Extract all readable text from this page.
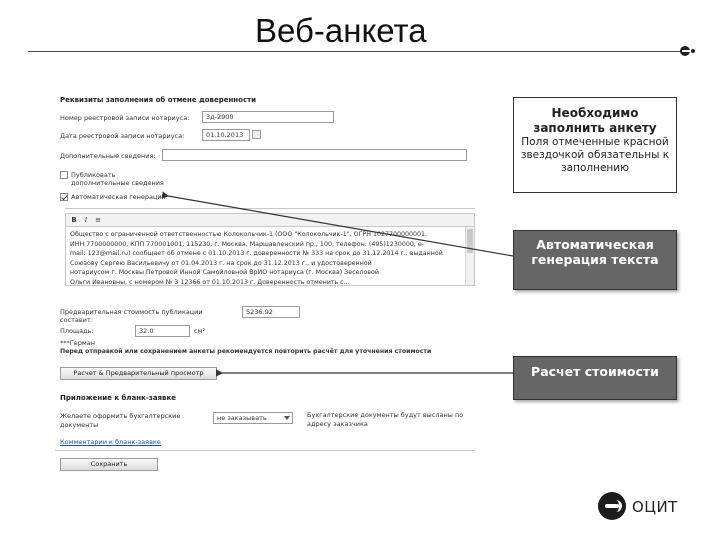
Веб-анкета
Реквизиты заполнения об отмене доверенности
Номер реестровой записи нотариуса:	3д-2900
Дата реестровой записи нотариуса:	01.10.2013
Дополнительные сведения:
Публиковать дополнительные сведения
Автоматическая генерация
B	I	≡
Общество с ограниченной ответственностью Колокольчик-1 (ООО "Колокольчик-1", ОГРН 1027700000001,
ИНН 7700000000, КПП 770001001, 115230, г. Москва, Маршавленский пр., 100, телефон: (495)1230000, e-
mail: 123@mail.ru) сообщает об отмене с 01.10.2013 г. доверенности № 333 на срок до 31.12.2014 г., выданной
Союзову Сергею Васильевичу от 01.04.2013 г. на срок до 31.12.2013 г., и удостоверенной
нотариусом г. Москвы Петровой Инной Самойловной ВрИО нотариуса (г. Москва) Зеселовой
Ольги Ивановны, с номером № 3 12366 от 01.10.2013 г. Доверенность отменить с...
Предварительная стоимость публикации составит:
5236.92
Площадь:	32.0	см²
***Герман
Перед отправкой или сохранением анкеты рекомендуется повторить расчёт для уточнения стоимости
Расчет & Предварительный просмотр
Приложение к бланк-заявке
Желаете оформить бухгалтерские документы
не заказывать	Бухгалтерские документы будут высланы по адресу заказчика
Комментарии к бланк-заявке
Сохранить
Необходимо заполнить анкету
Поля отмеченные красной звездочкой обязательны к заполнению
Автоматическая генерация текста
Расчет стоимости
ОЦИТ
